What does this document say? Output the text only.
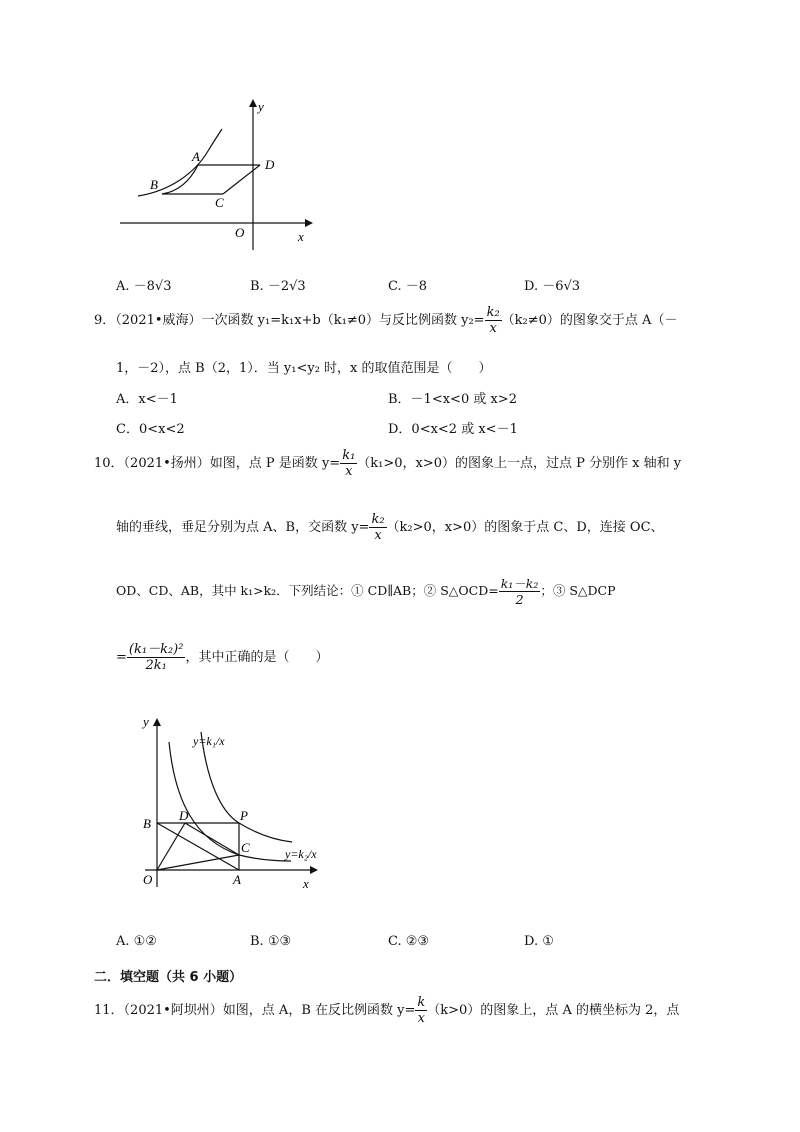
y
A
D
B
C
O	x
A. －8√3	B. －2√3	C. －8	D. －6√3
9．（2021•威海）一次函数 y₁=k₁x+b（k₁≠0）与反比例函数 $y_2= \frac{\text{k₂}}{x} (k_2\ne 0)$的图象交于点 A（－
1，－2），点 B（2，1）．当 y₁<y₂ 时，x 的取值范围是（　　）
A．x<－1	B．－1<x<0 或 x>2
C．0<x<2	D．0<x<2 或 x<－1
10．（2021•扬州）如图，点 P 是函数 $y= \frac{\text{k₁}}{x} (k_1>0$，x>0）的图象上一点，过点 P 分别作 x 轴和 y
轴的垂线，垂足分别为点 A、B，交函数 $y= \frac{\text{k₂}}{x} (k_2>0$，x>0）的图象于点 C、D，连接 OC、
OD、CD、AB，其中 k₁>k₂．下列结论：① CD∥AB；② S△OCD= $\frac{\text{k₁－k₂}}{2}$ ；③ S△DCP
= $\frac{\text{(k₁－k₂)²}}{\text{2k₁}}$ ，其中正确的是（　　）
y
y=k₁/x
B
D	P
C	y=k₂/x
O	A	x
A. ①②	B. ①③	C. ②③	D. ①
二．填空题（共 6 小题）
11．（2021•阿坝州）如图，点 A，B 在反比例函数 $y= \frac{k}{x} (k>0)$的图象上，点 A 的横坐标为 2，点
